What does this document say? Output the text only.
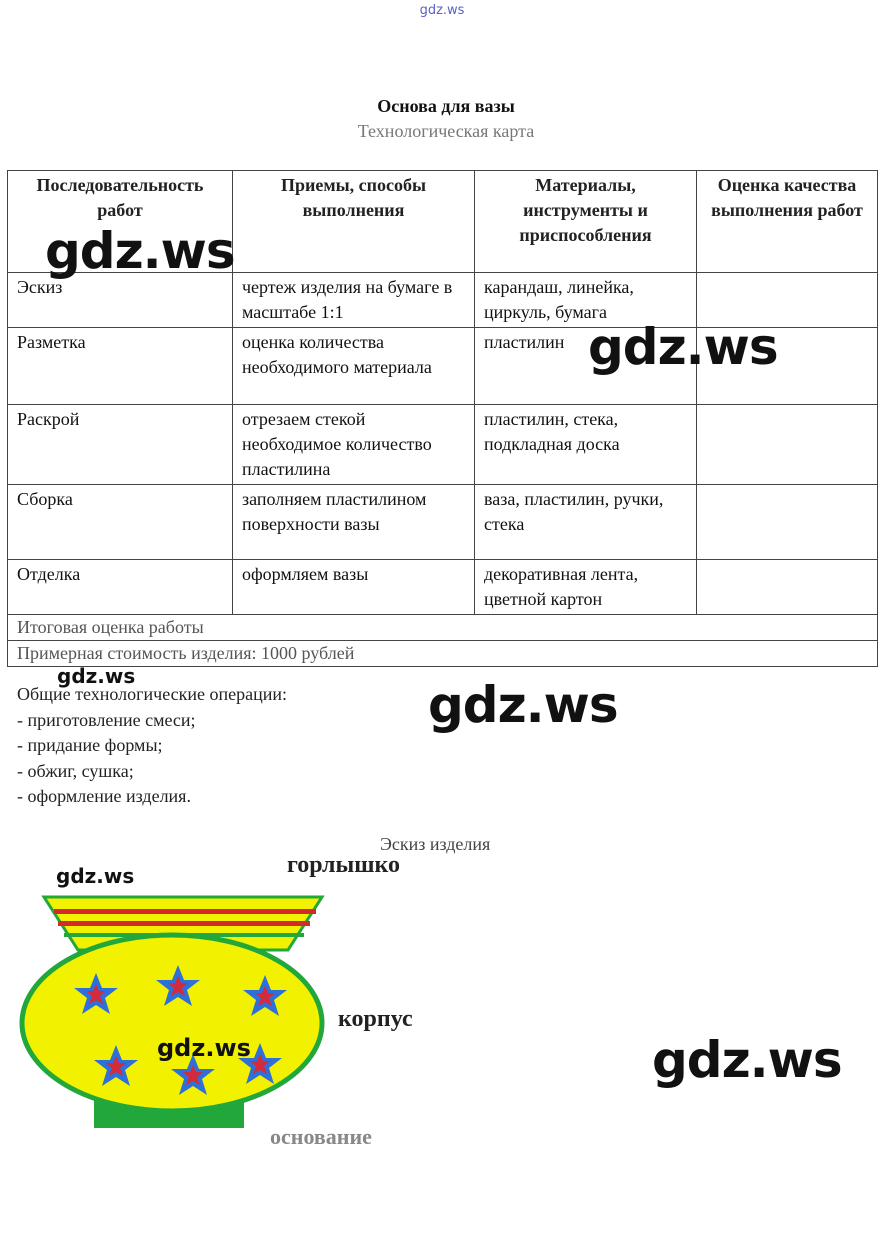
gdz.ws
Основа для вазы
Технологическая карта
Последовательность работ	Приемы, способы выполнения	Материалы, инструменты и приспособления	Оценка качества выполнения работ
Эскиз	чертеж изделия на бумаге в масштабе 1:1	карандаш, линейка, циркуль, бумага	
Разметка	оценка количества необходимого материала	пластилин	
Раскрой	отрезаем стекой необходимое количество пластилина	пластилин, стека, подкладная доска	
Сборка	заполняем пластилином поверхности вазы	ваза, пластилин, ручки, стека	
Отделка	оформляем вазы	декоративная лента, цветной картон	
Итоговая оценка работы			
Примерная стоимость изделия: 1000 рублей			
Общие технологические операции:
- приготовление смеси;
- придание формы;
- обжиг, сушка;
- оформление изделия.
Эскиз изделия
горлышко
корпус
основание
gdz.ws
gdz.ws
gdz.ws	gdz.ws
gdz.ws
gdz.ws	gdz.ws
